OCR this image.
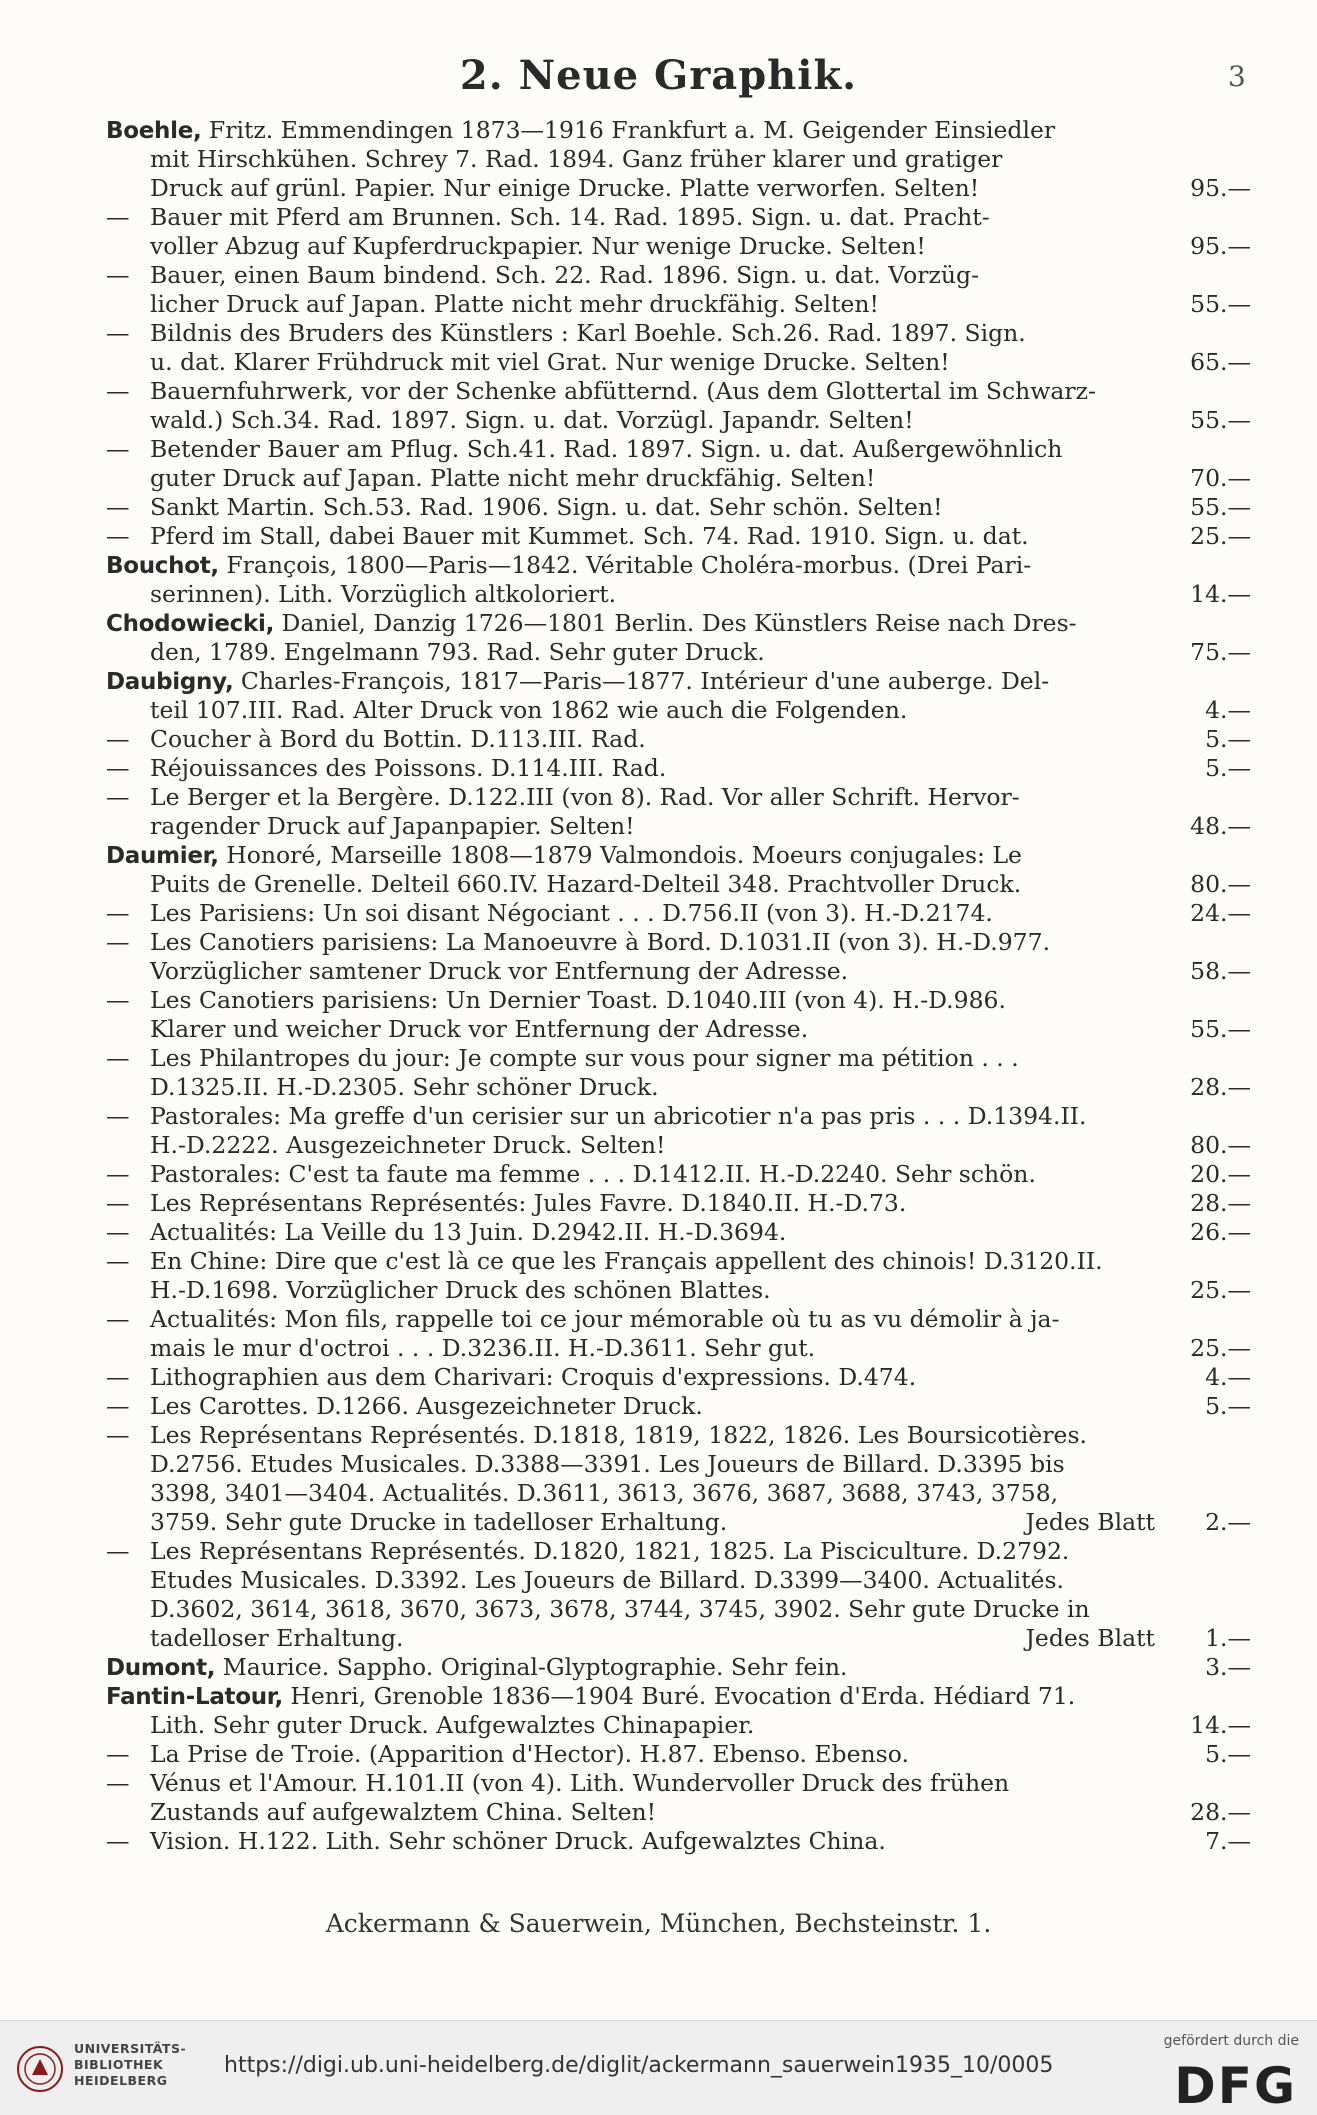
3
2. Neue Graphik.
Boehle, Fritz. Emmendingen 1873—1916 Frankfurt a. M. Geigender Einsiedler
mit Hirschkühen. Schrey 7. Rad. 1894. Ganz früher klarer und gratiger
Druck auf grünl. Papier. Nur einige Drucke. Platte verworfen. Selten!	95.—
—Bauer mit Pferd am Brunnen. Sch. 14. Rad. 1895. Sign. u. dat. Pracht-
voller Abzug auf Kupferdruckpapier. Nur wenige Drucke. Selten!	95.—
—Bauer, einen Baum bindend. Sch. 22. Rad. 1896. Sign. u. dat. Vorzüg-
licher Druck auf Japan. Platte nicht mehr druckfähig. Selten!	55.—
—Bildnis des Bruders des Künstlers : Karl Boehle. Sch.26. Rad. 1897. Sign.
u. dat. Klarer Frühdruck mit viel Grat. Nur wenige Drucke. Selten!	65.—
—Bauernfuhrwerk, vor der Schenke abfütternd. (Aus dem Glottertal im Schwarz-
wald.) Sch.34. Rad. 1897. Sign. u. dat. Vorzügl. Japandr. Selten!	55.—
—Betender Bauer am Pflug. Sch.41. Rad. 1897. Sign. u. dat. Außergewöhnlich
guter Druck auf Japan. Platte nicht mehr druckfähig. Selten!	70.—
—Sankt Martin. Sch.53. Rad. 1906. Sign. u. dat. Sehr schön. Selten!	55.—
—Pferd im Stall, dabei Bauer mit Kummet. Sch. 74. Rad. 1910. Sign. u. dat.	25.—
Bouchot, François, 1800—Paris—1842. Véritable Choléra-morbus. (Drei Pari-
serinnen). Lith. Vorzüglich altkoloriert.	14.—
Chodowiecki, Daniel, Danzig 1726—1801 Berlin. Des Künstlers Reise nach Dres-
den, 1789. Engelmann 793. Rad. Sehr guter Druck.	75.—
Daubigny, Charles-François, 1817—Paris—1877. Intérieur d'une auberge. Del-
teil 107.III. Rad. Alter Druck von 1862 wie auch die Folgenden.	4.—
—Coucher à Bord du Bottin. D.113.III. Rad.	5.—
—Réjouissances des Poissons. D.114.III. Rad.	5.—
—Le Berger et la Bergère. D.122.III (von 8). Rad. Vor aller Schrift. Hervor-
ragender Druck auf Japanpapier. Selten!	48.—
Daumier, Honoré, Marseille 1808—1879 Valmondois. Moeurs conjugales: Le
Puits de Grenelle. Delteil 660.IV. Hazard-Delteil 348. Prachtvoller Druck.	80.—
—Les Parisiens: Un soi disant Négociant . . . D.756.II (von 3). H.-D.2174.	24.—
—Les Canotiers parisiens: La Manoeuvre à Bord. D.1031.II (von 3). H.-D.977.
Vorzüglicher samtener Druck vor Entfernung der Adresse.	58.—
—Les Canotiers parisiens: Un Dernier Toast. D.1040.III (von 4). H.-D.986.
Klarer und weicher Druck vor Entfernung der Adresse.	55.—
—Les Philantropes du jour: Je compte sur vous pour signer ma pétition . . .
D.1325.II. H.-D.2305. Sehr schöner Druck.	28.—
—Pastorales: Ma greffe d'un cerisier sur un abricotier n'a pas pris . . . D.1394.II.
H.-D.2222. Ausgezeichneter Druck. Selten!	80.—
—Pastorales: C'est ta faute ma femme . . . D.1412.II. H.-D.2240. Sehr schön.	20.—
—Les Représentans Représentés: Jules Favre. D.1840.II. H.-D.73.	28.—
—Actualités: La Veille du 13 Juin. D.2942.II. H.-D.3694.	26.—
—En Chine: Dire que c'est là ce que les Français appellent des chinois! D.3120.II.
H.-D.1698. Vorzüglicher Druck des schönen Blattes.	25.—
—Actualités: Mon fils, rappelle toi ce jour mémorable où tu as vu démolir à ja-
mais le mur d'octroi . . . D.3236.II. H.-D.3611. Sehr gut.	25.—
—Lithographien aus dem Charivari: Croquis d'expressions. D.474.	4.—
—Les Carottes. D.1266. Ausgezeichneter Druck.	5.—
—Les Représentans Représentés. D.1818, 1819, 1822, 1826. Les Boursicotières.
D.2756. Etudes Musicales. D.3388—3391. Les Joueurs de Billard. D.3395 bis
3398, 3401—3404. Actualités. D.3611, 3613, 3676, 3687, 3688, 3743, 3758,
3759. Sehr gute Drucke in tadelloser Erhaltung.	Jedes Blatt 2.—
—Les Représentans Représentés. D.1820, 1821, 1825. La Pisciculture. D.2792.
Etudes Musicales. D.3392. Les Joueurs de Billard. D.3399—3400. Actualités.
D.3602, 3614, 3618, 3670, 3673, 3678, 3744, 3745, 3902. Sehr gute Drucke in
tadelloser Erhaltung.	Jedes Blatt 1.—
Dumont, Maurice. Sappho. Original-Glyptographie. Sehr fein.	3.—
Fantin-Latour, Henri, Grenoble 1836—1904 Buré. Evocation d'Erda. Hédiard 71.
Lith. Sehr guter Druck. Aufgewalztes Chinapapier.	14.—
—La Prise de Troie. (Apparition d'Hector). H.87. Ebenso. Ebenso.	5.—
—Vénus et l'Amour. H.101.II (von 4). Lith. Wundervoller Druck des frühen
Zustands auf aufgewalztem China. Selten!	28.—
—Vision. H.122. Lith. Sehr schöner Druck. Aufgewalztes China.	7.—
Ackermann & Sauerwein, München, Bechsteinstr. 1.
UNIVERSITÄTS-
BIBLIOTHEK
HEIDELBERG
https://digi.ub.uni-heidelberg.de/diglit/ackermann_sauerwein1935_10/0005
gefördert durch die
DFG
